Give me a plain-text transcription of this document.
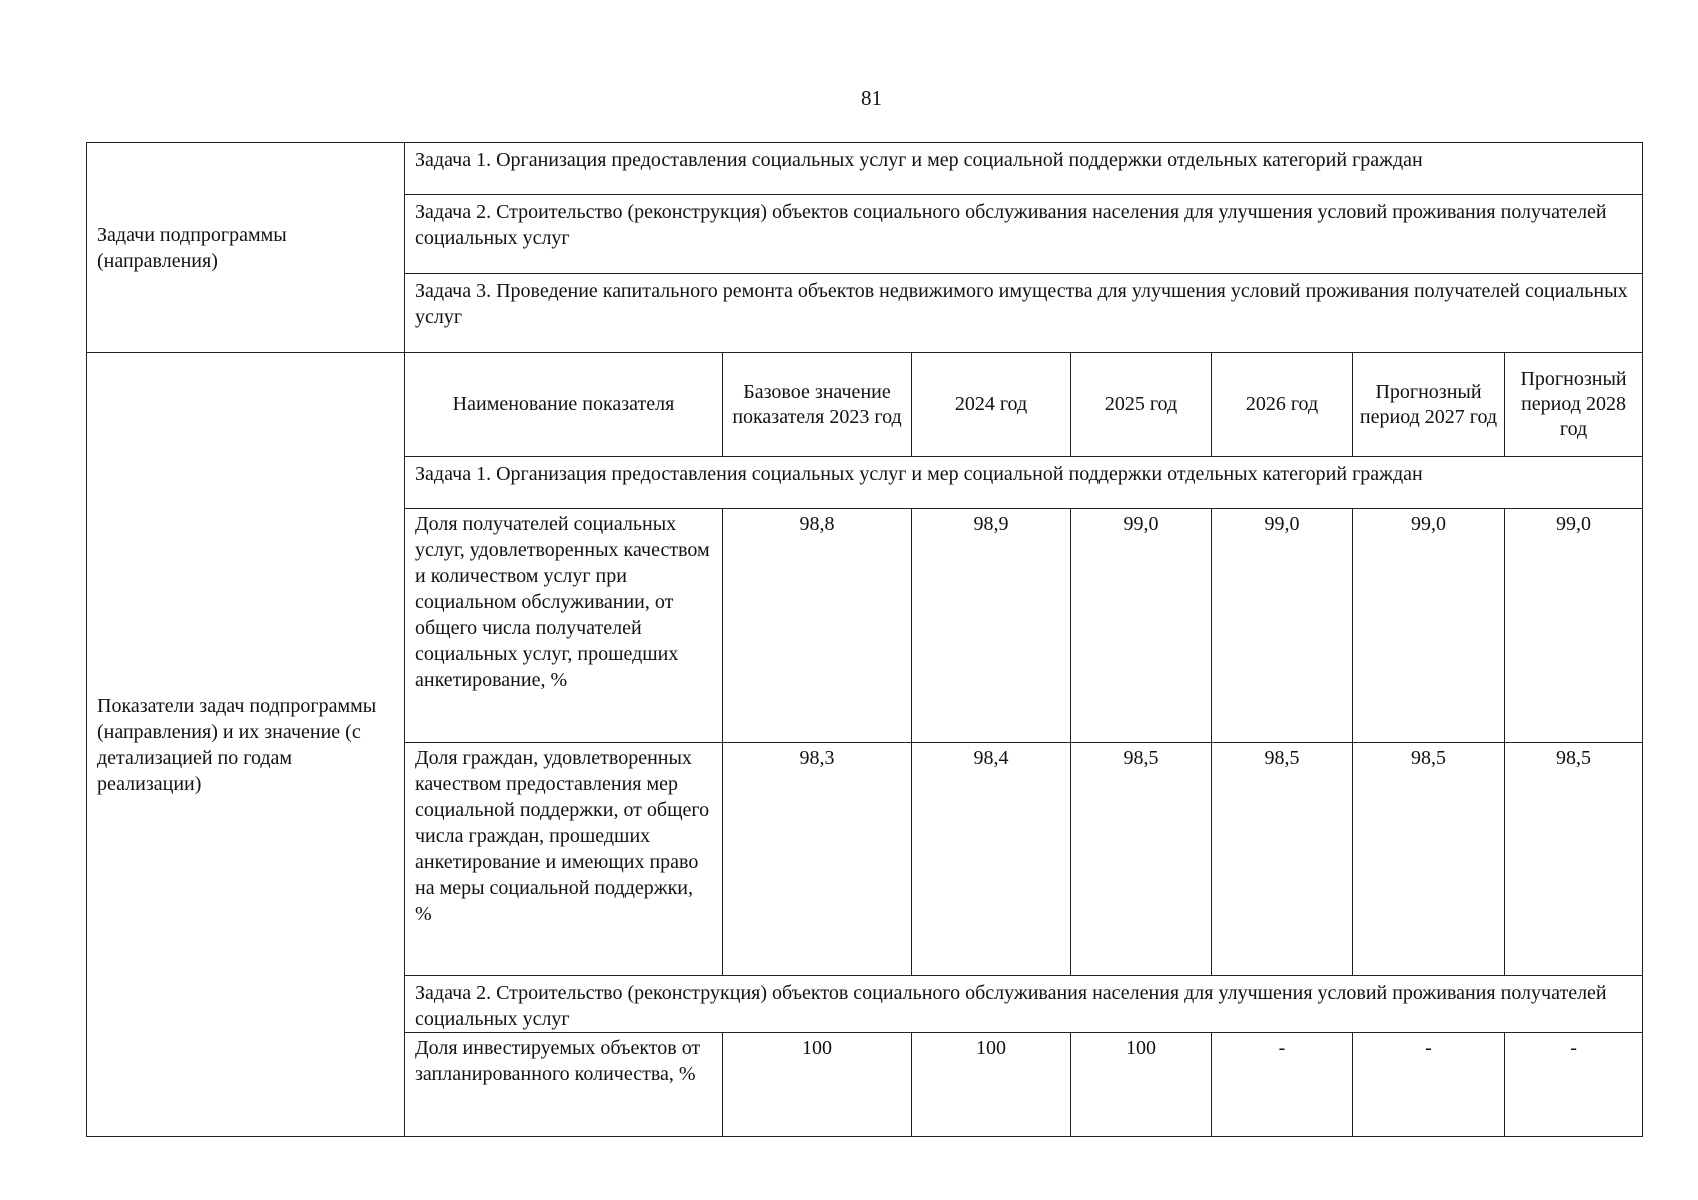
81
Задачи подпрограммы (направления)	Задача 1. Организация предоставления социальных услуг и мер социальной поддержки отдельных категорий граждан						
	Задача 2. Строительство (реконструкция) объектов социального обслуживания населения для улучшения условий проживания получателей социальных услуг						
	Задача 3. Проведение капитального ремонта объектов недвижимого имущества для улучшения условий проживания получателей социальных услуг						
Показатели задач подпрограммы (направления) и их значение (с детализацией по годам реализации)	Наименование показателя	Базовое значение показателя 2023 год	2024 год	2025 год	2026 год	Прогнозный период 2027 год	Прогнозный период 2028 год
	Задача 1. Организация предоставления социальных услуг и мер социальной поддержки отдельных категорий граждан						
	Доля получателей социальных услуг, удовлетворенных качеством и количеством услуг при социальном обслуживании, от общего числа получателей социальных услуг, прошедших анкетирование, %	98,8	98,9	99,0	99,0	99,0	99,0
	Доля граждан, удовлетворенных качеством предоставления мер социальной поддержки, от общего числа граждан, прошедших анкетирование и имеющих право на меры социальной поддержки, %	98,3	98,4	98,5	98,5	98,5	98,5
	Задача 2. Строительство (реконструкция) объектов социального обслуживания населения для улучшения условий проживания получателей социальных услуг						
	Доля инвестируемых объектов от запланированного количества, %	100	100	100	-	-	-
